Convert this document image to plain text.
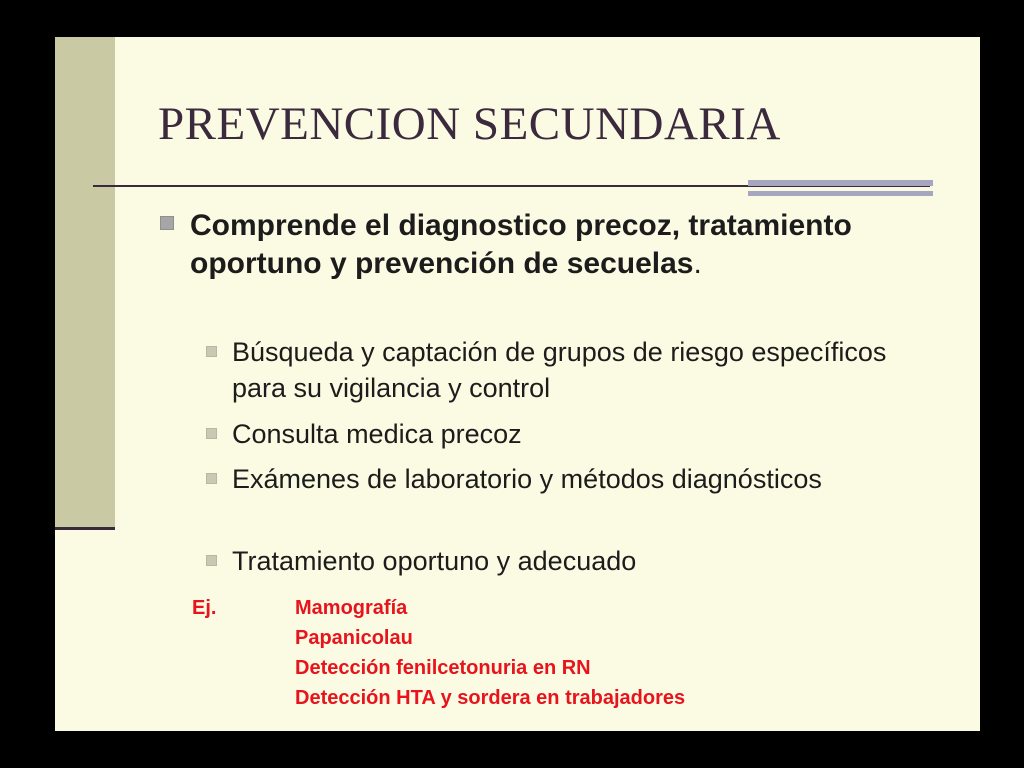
PREVENCION SECUNDARIA
Comprende el diagnostico precoz, tratamiento oportuno y prevención de secuelas.
Búsqueda y captación de grupos de riesgo específicos para su vigilancia y control
Consulta medica precoz
Exámenes de laboratorio y métodos diagnósticos
Tratamiento oportuno y adecuado
Ej.	Mamografía
Papanicolau
Detección fenilcetonuria en RN
Detección HTA y sordera en trabajadores
